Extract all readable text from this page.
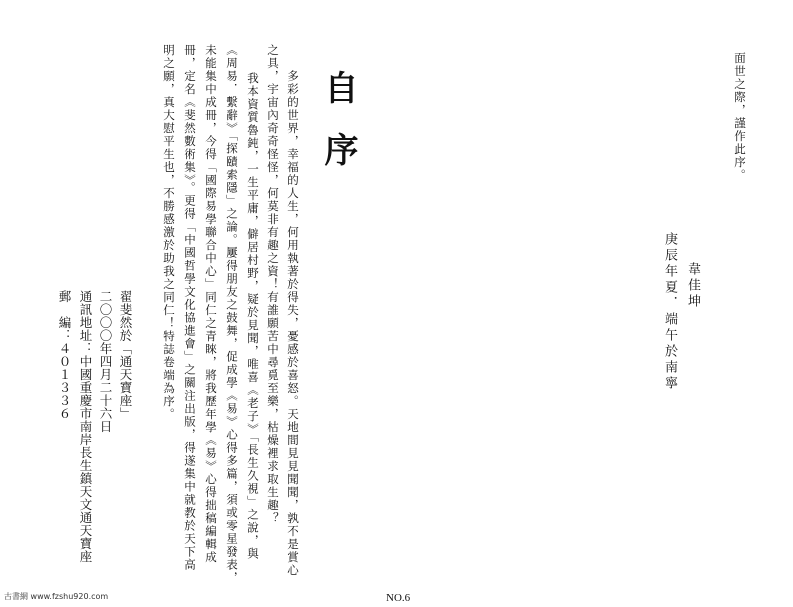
面世之際，謹作此序。
韋佳坤
庚辰年夏．端午於南寧
自序
多彩的世界，幸福的人生，何用執著於得失，憂感於喜怒。天地間見見聞聞，孰不是賞心
之具，宇宙內奇奇怪怪，何莫非有趣之資！有誰願苦中尋覓至樂，枯燥裡求取生趣？
我本資質魯鈍，一生平庸，僻居村野，疑於見聞，唯喜《老子》「長生久視」之說，與
《周易．繫辭》「探賾索隱」之論。屢得朋友之鼓舞，促成學《易》心得多篇，須或零星發表，
未能集中成冊，今得「國際易學聯合中心」同仁之青睞，將我歷年學《易》心得拙稿編輯成
冊，定名《斐然數術集》。更得「中國哲學文化協進會」之關注出版，得遂集中就教於天下高
明之願，真大慰平生也，不勝感激於助我之同仁！特誌卷端為序。
翟斐然於「通天寶座」
二〇〇〇年四月二十六日
通訊地址：中國重慶市南岸長生鎮天文通天寶座
郵　編：４０１３３６
古書網 www.fzshu920.com	NO.6
